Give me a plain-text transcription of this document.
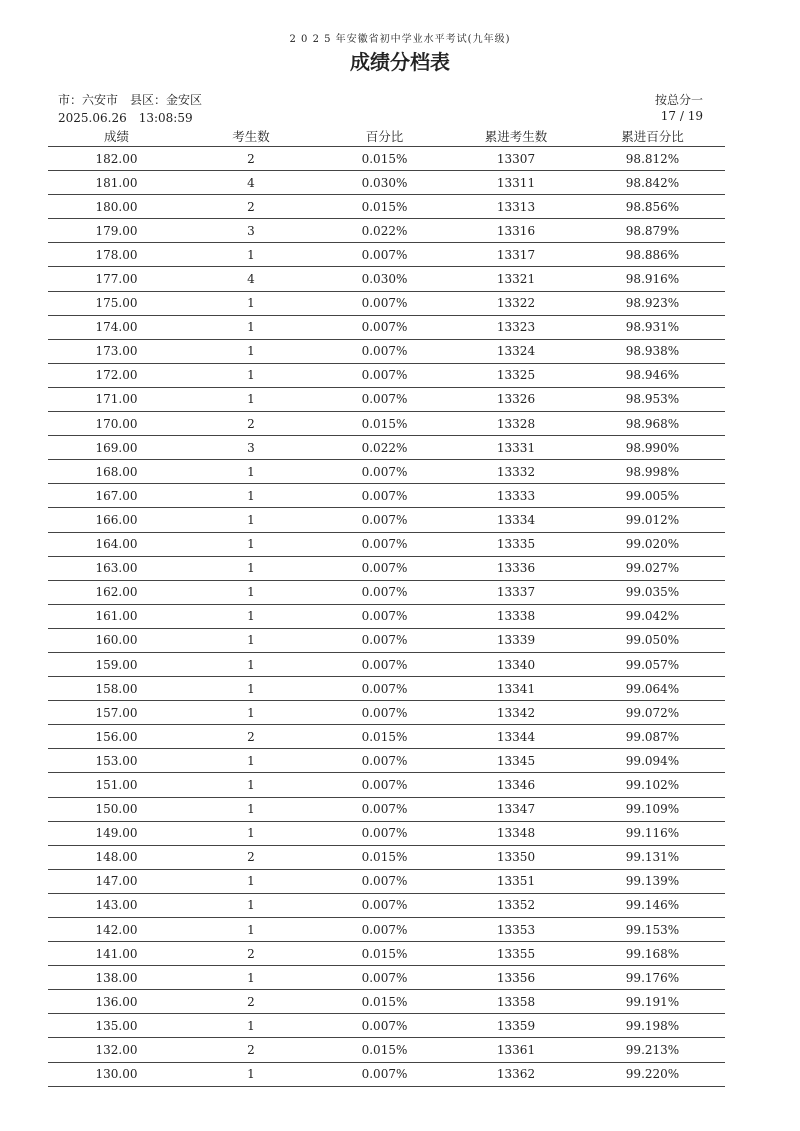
2 0 2 5 年安徽省初中学业水平考试(九年级)
成绩分档表
市：六安市　县区：金安区
2025.06.26　13:08:59
按总分一
17 / 19
成绩	考生数	百分比	累进考生数	累进百分比
182.00	2	0.015%	13307	98.812%
181.00	4	0.030%	13311	98.842%
180.00	2	0.015%	13313	98.856%
179.00	3	0.022%	13316	98.879%
178.00	1	0.007%	13317	98.886%
177.00	4	0.030%	13321	98.916%
175.00	1	0.007%	13322	98.923%
174.00	1	0.007%	13323	98.931%
173.00	1	0.007%	13324	98.938%
172.00	1	0.007%	13325	98.946%
171.00	1	0.007%	13326	98.953%
170.00	2	0.015%	13328	98.968%
169.00	3	0.022%	13331	98.990%
168.00	1	0.007%	13332	98.998%
167.00	1	0.007%	13333	99.005%
166.00	1	0.007%	13334	99.012%
164.00	1	0.007%	13335	99.020%
163.00	1	0.007%	13336	99.027%
162.00	1	0.007%	13337	99.035%
161.00	1	0.007%	13338	99.042%
160.00	1	0.007%	13339	99.050%
159.00	1	0.007%	13340	99.057%
158.00	1	0.007%	13341	99.064%
157.00	1	0.007%	13342	99.072%
156.00	2	0.015%	13344	99.087%
153.00	1	0.007%	13345	99.094%
151.00	1	0.007%	13346	99.102%
150.00	1	0.007%	13347	99.109%
149.00	1	0.007%	13348	99.116%
148.00	2	0.015%	13350	99.131%
147.00	1	0.007%	13351	99.139%
143.00	1	0.007%	13352	99.146%
142.00	1	0.007%	13353	99.153%
141.00	2	0.015%	13355	99.168%
138.00	1	0.007%	13356	99.176%
136.00	2	0.015%	13358	99.191%
135.00	1	0.007%	13359	99.198%
132.00	2	0.015%	13361	99.213%
130.00	1	0.007%	13362	99.220%
